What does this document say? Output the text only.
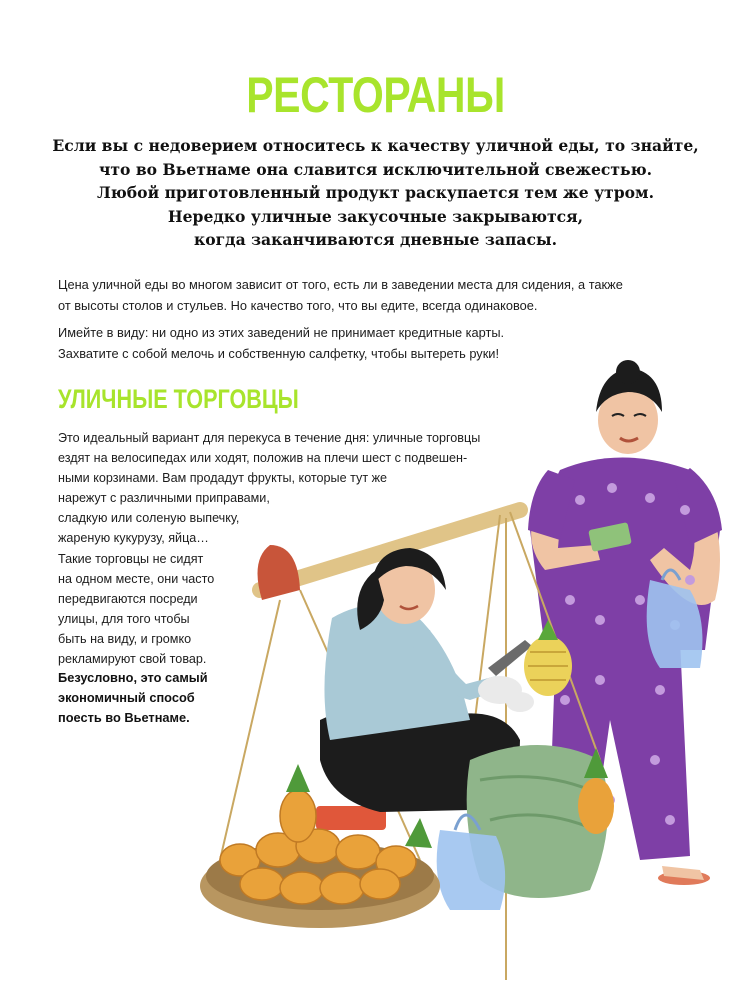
РЕСТОРАНЫ
Если вы с недоверием относитесь к качеству уличной еды, то знайте,
что во Вьетнаме она славится исключительной свежестью.
Любой приготовленный продукт раскупается тем же утром.
Нередко уличные закусочные закрываются,
когда заканчиваются дневные запасы.
Цена уличной еды во многом зависит от того, есть ли в заведении места для сидения, а также
от высоты столов и стульев. Но качество того, что вы едите, всегда одинаковое.
Имейте в виду: ни одно из этих заведений не принимает кредитные карты.
Захватите с собой мелочь и собственную салфетку, чтобы вытереть руки!
УЛИЧНЫЕ ТОРГОВЦЫ
Это идеальный вариант для перекуса в течение дня: уличные торговцы
ездят на велосипедах или ходят, положив на плечи шест с подвешен-
ными корзинами. Вам продадут фрукты, которые тут же
нарежут с различными приправами,
сладкую или соленую выпечку,
жареную кукурузу, яйца…
Такие торговцы не сидят
на одном месте, они часто
передвигаются посреди
улицы, для того чтобы
быть на виду, и громко
рекламируют свой товар.
Безусловно, это самый
экономичный способ
поесть во Вьетнаме.
